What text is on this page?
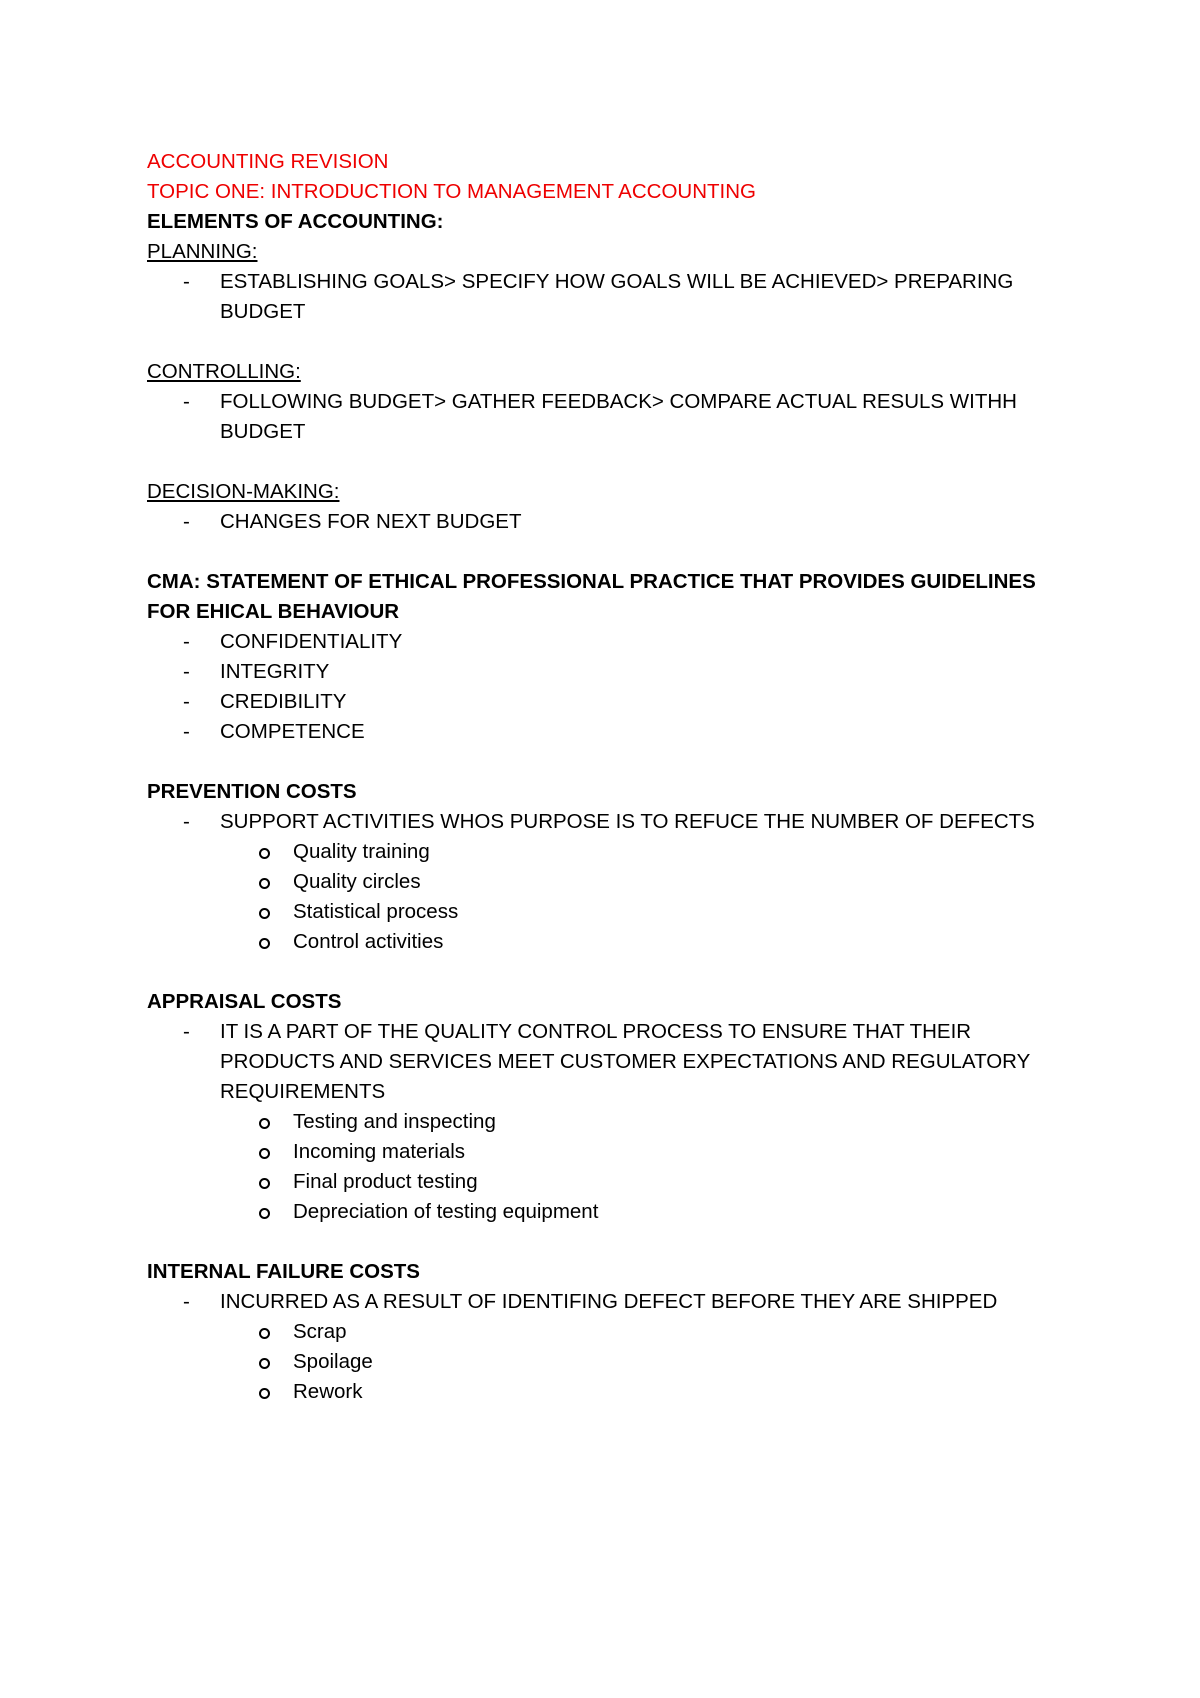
ACCOUNTING REVISION

TOPIC ONE: INTRODUCTION TO MANAGEMENT ACCOUNTING

ELEMENTS OF ACCOUNTING:

PLANNING:

- ESTABLISHING GOALS> SPECIFY HOW GOALS WILL BE ACHIEVED> PREPARING BUDGET

CONTROLLING:

- FOLLOWING BUDGET> GATHER FEEDBACK> COMPARE ACTUAL RESULS WITHH BUDGET

DECISION-MAKING:

- CHANGES FOR NEXT BUDGET

CMA: STATEMENT OF ETHICAL PROFESSIONAL PRACTICE THAT PROVIDES GUIDELINES FOR EHICAL BEHAVIOUR

- CONFIDENTIALITY
- INTEGRITY
- CREDIBILITY
- COMPETENCE

PREVENTION COSTS

- SUPPORT ACTIVITIES WHOS PURPOSE IS TO REFUCE THE NUMBER OF DEFECTS
Quality training
Quality circles
Statistical process
Control activities

APPRAISAL COSTS

- IT IS A PART OF THE QUALITY CONTROL PROCESS TO ENSURE THAT THEIR PRODUCTS AND SERVICES MEET CUSTOMER EXPECTATIONS AND REGULATORY REQUIREMENTS
Testing and inspecting
Incoming materials
Final product testing
Depreciation of testing equipment

INTERNAL FAILURE COSTS

- INCURRED AS A RESULT OF IDENTIFING DEFECT BEFORE THEY ARE SHIPPED
Scrap
Spoilage
Rework
